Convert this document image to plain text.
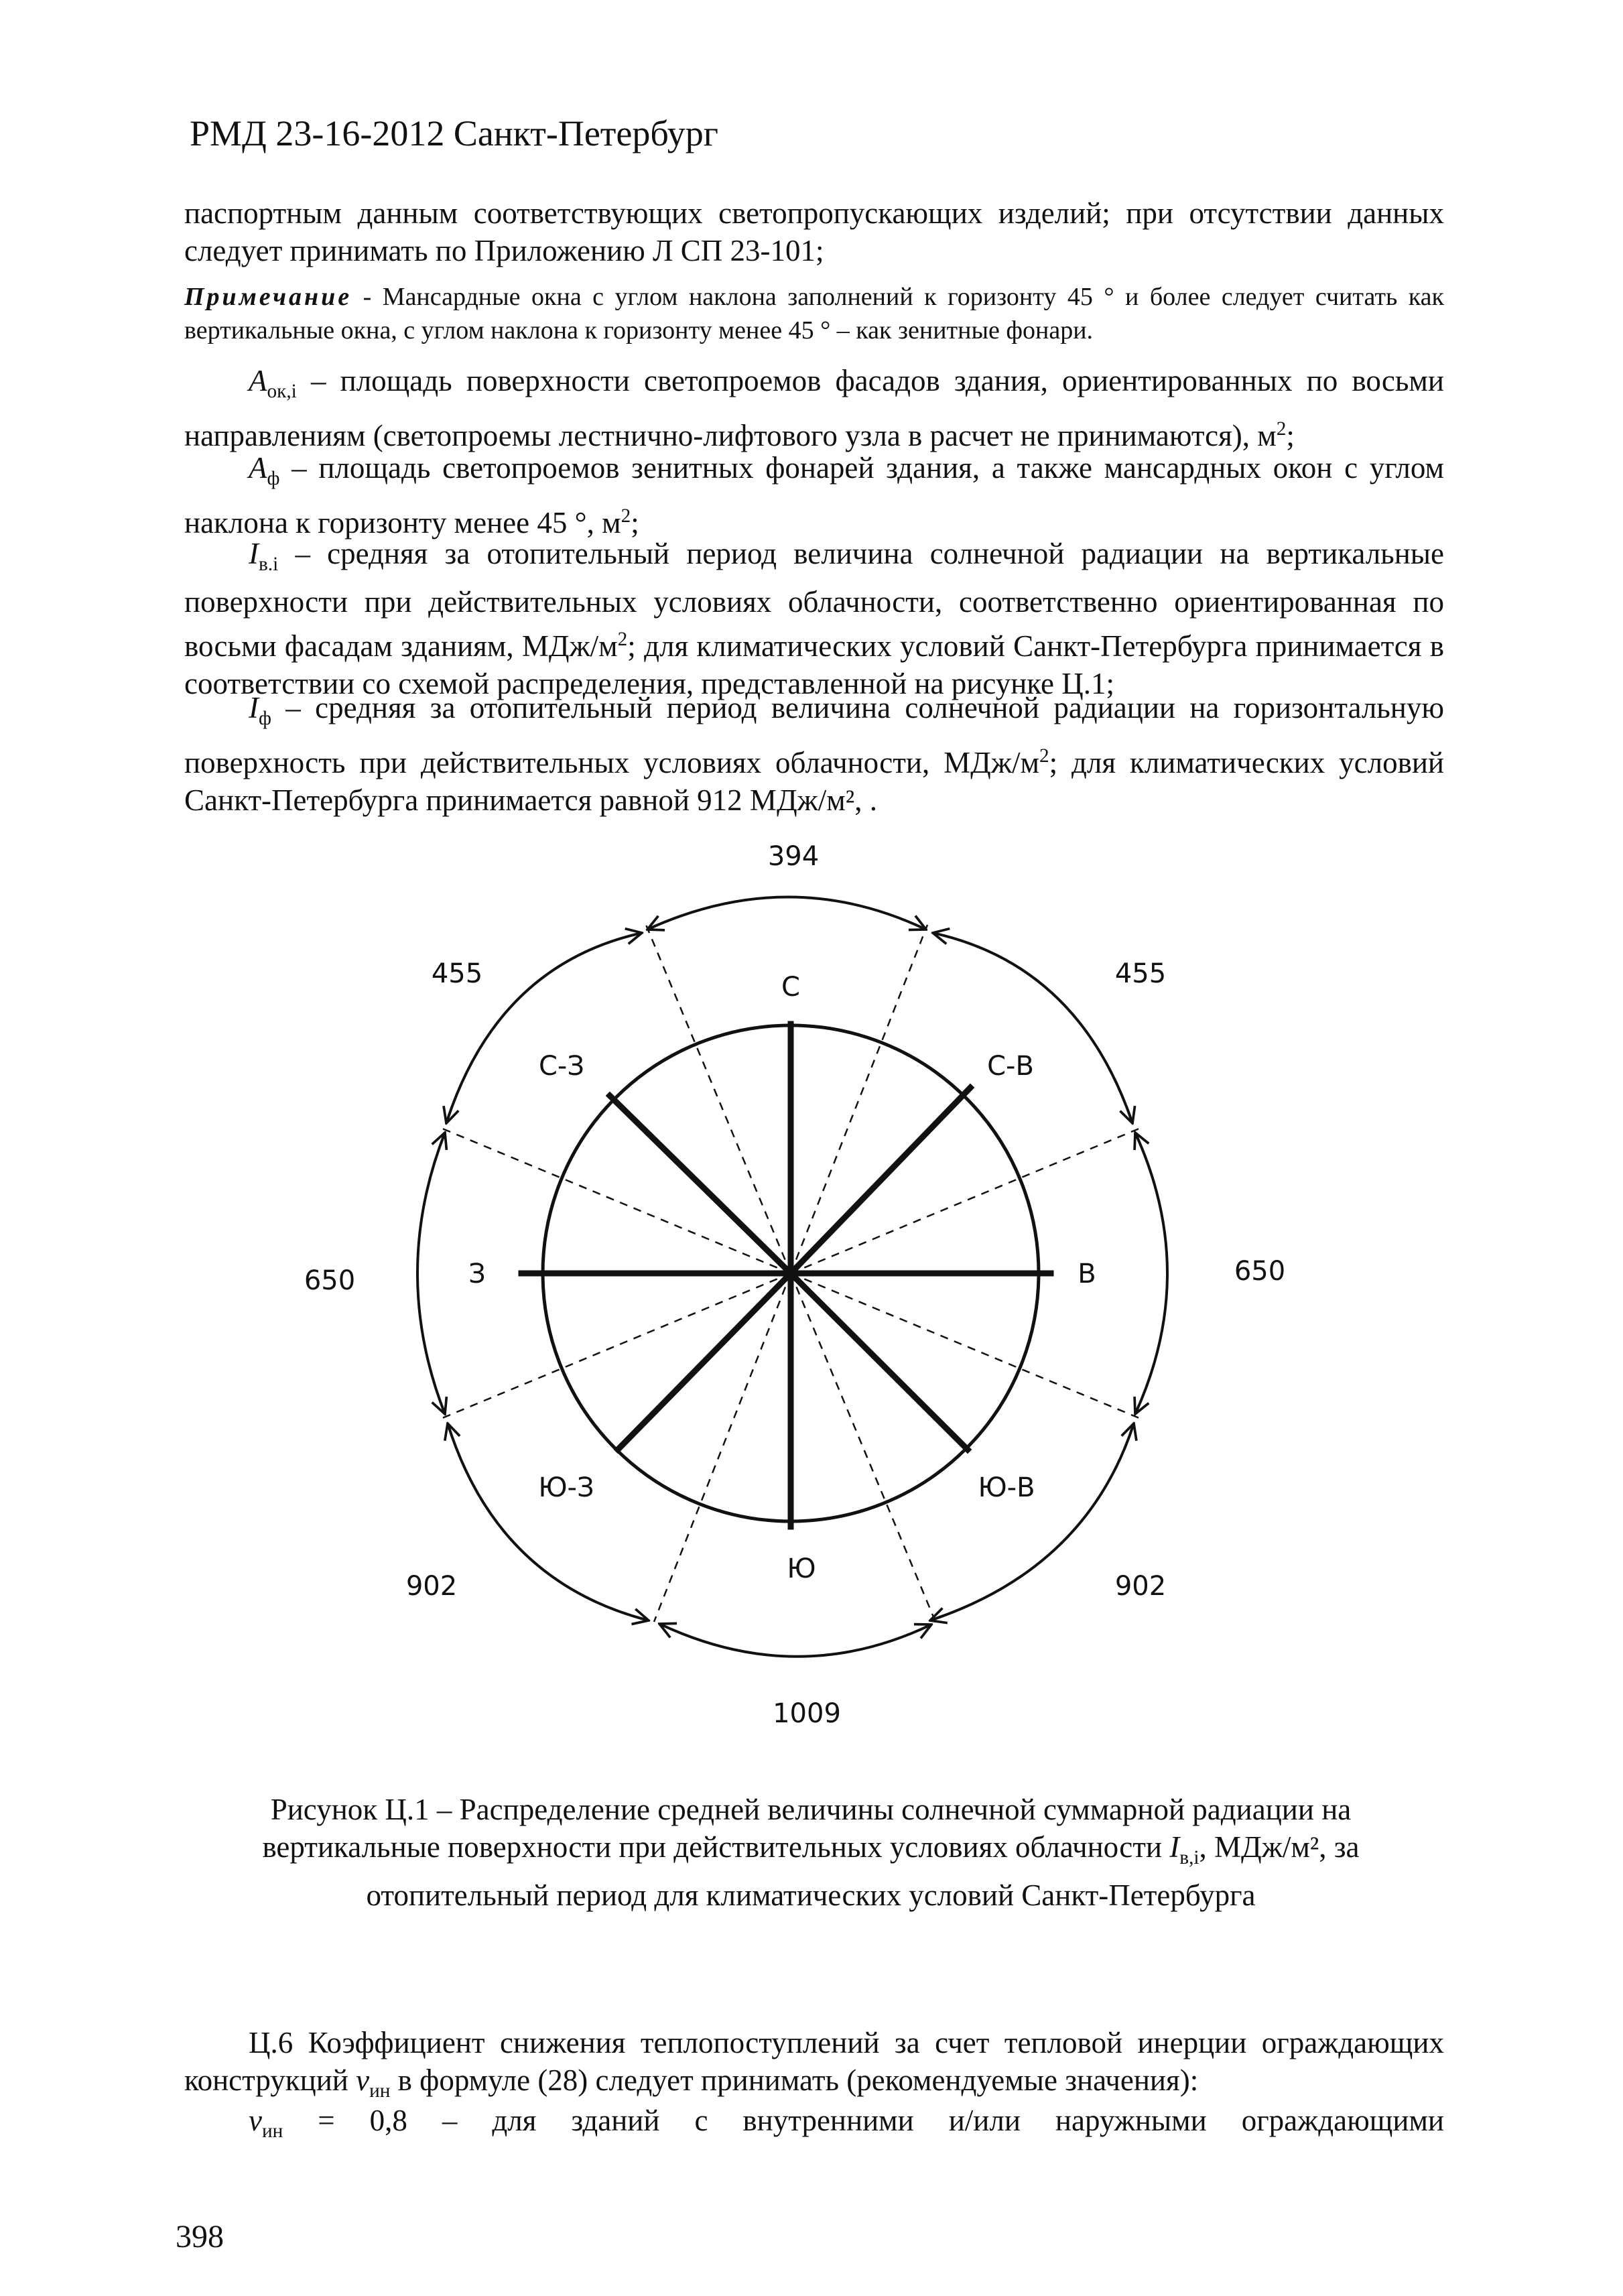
РМД 23-16-2012 Санкт-Петербург
паспортным данным соответствующих светопропускающих изделий; при отсутствии данных следует принимать по Приложению Л СП 23-101;
Примечание - Мансардные окна с углом наклона заполнений к горизонту 45 ° и более следует считать как вертикальные окна, с углом наклона к горизонту менее 45 ° – как зенитные фонари.
$A_{ок,i}$ – площадь поверхности светопроемов фасадов здания, ориентированных по восьми направлениям (светопроемы лестнично-лифтового узла в расчет не принимаются), $м^2$;
$A_ф$ – площадь светопроемов зенитных фонарей здания, а также мансардных окон с углом наклона к горизонту менее 45 °, $м^2$;
$I_{в.i}$ – средняя за отопительный период величина солнечной радиации на вертикальные поверхности при действительных условиях облачности, соответственно ориентированная по восьми фасадам зданиям, МДж/$м^2$; для климатических условий Санкт-Петербурга принимается в соответствии со схемой распределения, представленной на рисунке Ц.1;
$I_ф$ – средняя за отопительный период величина солнечной радиации на горизонтальную поверхность при действительных условиях облачности, МДж/$м^2$; для климатических условий Санкт-Петербурга принимается равной 912 МДж/м², .
С
С-В
В
Ю-В
Ю
Ю-З
З
С-З
394
455
650
902
1009
902
650
455
Рисунок Ц.1 – Распределение средней величины солнечной суммарной радиации на
вертикальные поверхности при действительных условиях облачности $I_{в,i}$, МДж/м², за
отопительный период для климатических условий Санкт-Петербурга
Ц.6 Коэффициент снижения теплопоступлений за счет тепловой инерции ограждающих конструкций $\nu_{ин}$ в формуле (28) следует принимать (рекомендуемые значения):
$\nu_{ин} = 0,8$ – для зданий с внутренними и/или наружными ограждающими
398
